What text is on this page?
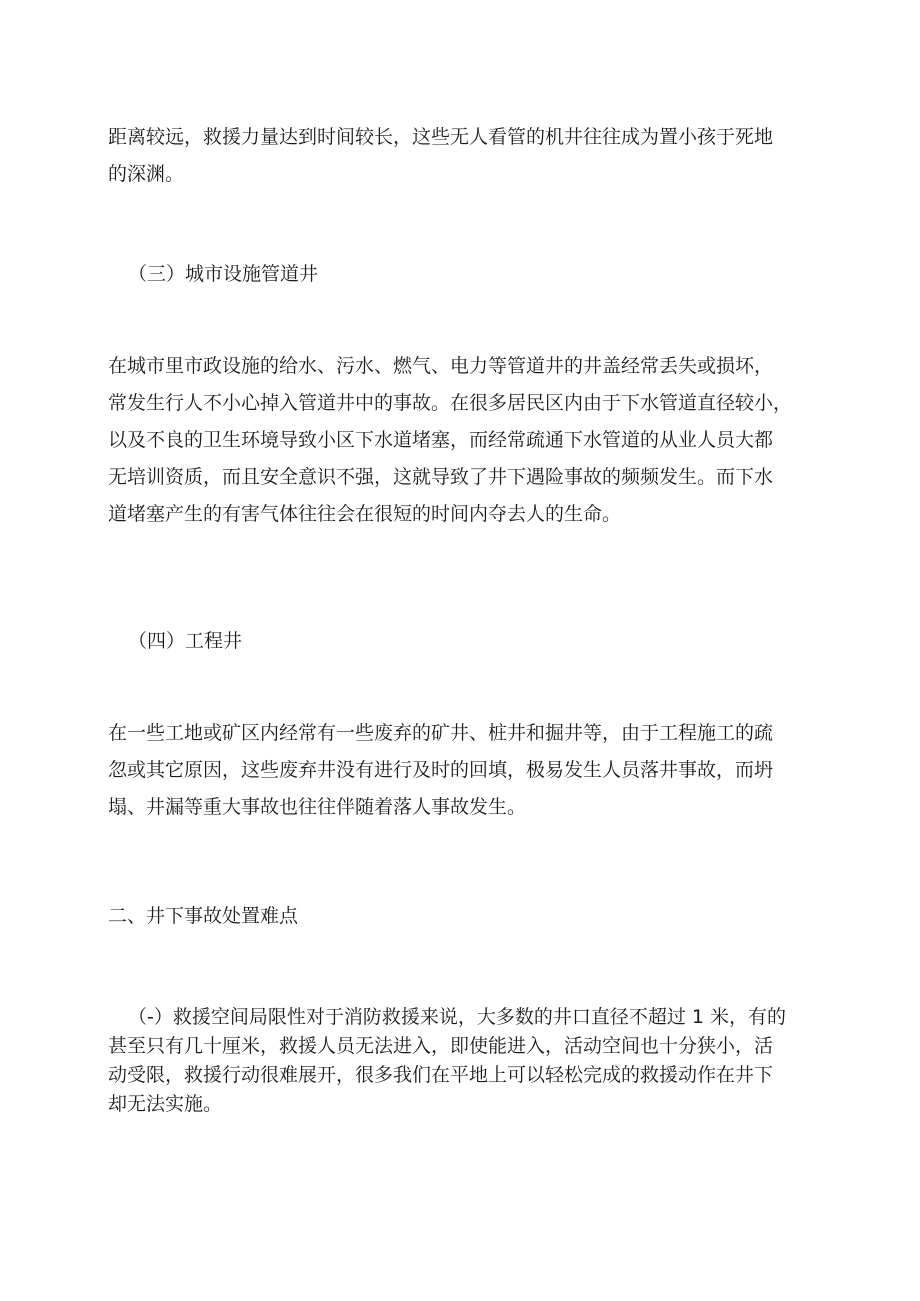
距离较远，救援力量达到时间较长，这些无人看管的机井往往成为置小孩于死地
的深渊。
（三）城市设施管道井
在城市里市政设施的给水、污水、燃气、电力等管道井的井盖经常丢失或损坏，
常发生行人不小心掉入管道井中的事故。在很多居民区内由于下水管道直径较小，
以及不良的卫生环境导致小区下水道堵塞，而经常疏通下水管道的从业人员大都
无培训资质，而且安全意识不强，这就导致了井下遇险事故的频频发生。而下水
道堵塞产生的有害气体往往会在很短的时间内夺去人的生命。
（四）工程井
在一些工地或矿区内经常有一些废弃的矿井、桩井和掘井等，由于工程施工的疏
忽或其它原因，这些废弃井没有进行及时的回填，极易发生人员落井事故，而坍
塌、井漏等重大事故也往往伴随着落人事故发生。
二、井下事故处置难点
（-）救援空间局限性对于消防救援来说，大多数的井口直径不超过 1 米，有的
甚至只有几十厘米，救援人员无法进入，即使能进入，活动空间也十分狭小，活
动受限，救援行动很难展开，很多我们在平地上可以轻松完成的救援动作在井下
却无法实施。
